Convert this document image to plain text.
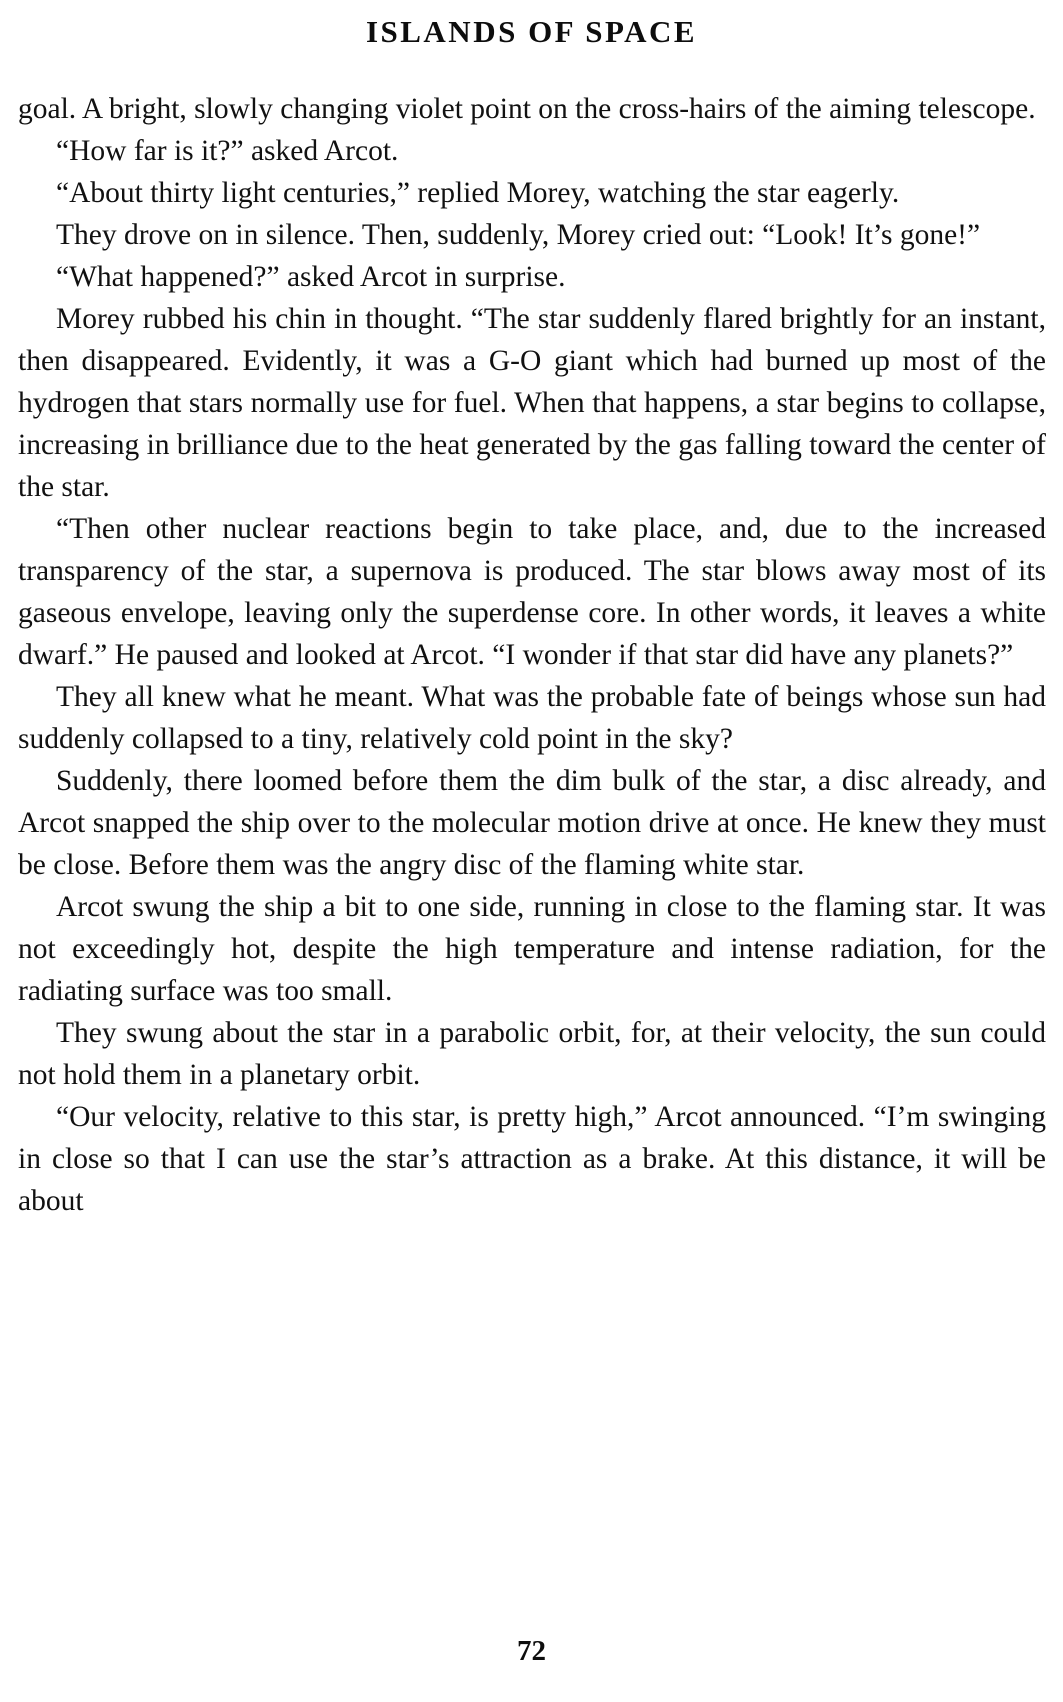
ISLANDS OF SPACE

goal. A bright, slowly changing violet point on the cross-hairs of the aiming telescope.

“How far is it?” asked Arcot.

“About thirty light centuries,” replied Morey, watching the star eagerly.

They drove on in silence. Then, suddenly, Morey cried out: “Look! It’s gone!”

“What happened?” asked Arcot in surprise.

Morey rubbed his chin in thought. “The star suddenly flared brightly for an instant, then disappeared. Evidently, it was a G-O giant which had burned up most of the hydrogen that stars normally use for fuel. When that happens, a star begins to collapse, increasing in brilliance due to the heat generated by the gas falling toward the center of the star.

“Then other nuclear reactions begin to take place, and, due to the increased transparency of the star, a supernova is produced. The star blows away most of its gaseous envelope, leaving only the superdense core. In other words, it leaves a white dwarf.” He paused and looked at Arcot. “I wonder if that star did have any planets?”

They all knew what he meant. What was the probable fate of beings whose sun had suddenly collapsed to a tiny, relatively cold point in the sky?

Suddenly, there loomed before them the dim bulk of the star, a disc already, and Arcot snapped the ship over to the molecular motion drive at once. He knew they must be close. Before them was the angry disc of the flaming white star.

Arcot swung the ship a bit to one side, running in close to the flaming star. It was not exceedingly hot, despite the high temperature and intense radiation, for the radiating surface was too small.

They swung about the star in a parabolic orbit, for, at their velocity, the sun could not hold them in a planetary orbit.

“Our velocity, relative to this star, is pretty high,” Arcot announced. “I’m swinging in close so that I can use the star’s attraction as a brake. At this distance, it will be about

72
